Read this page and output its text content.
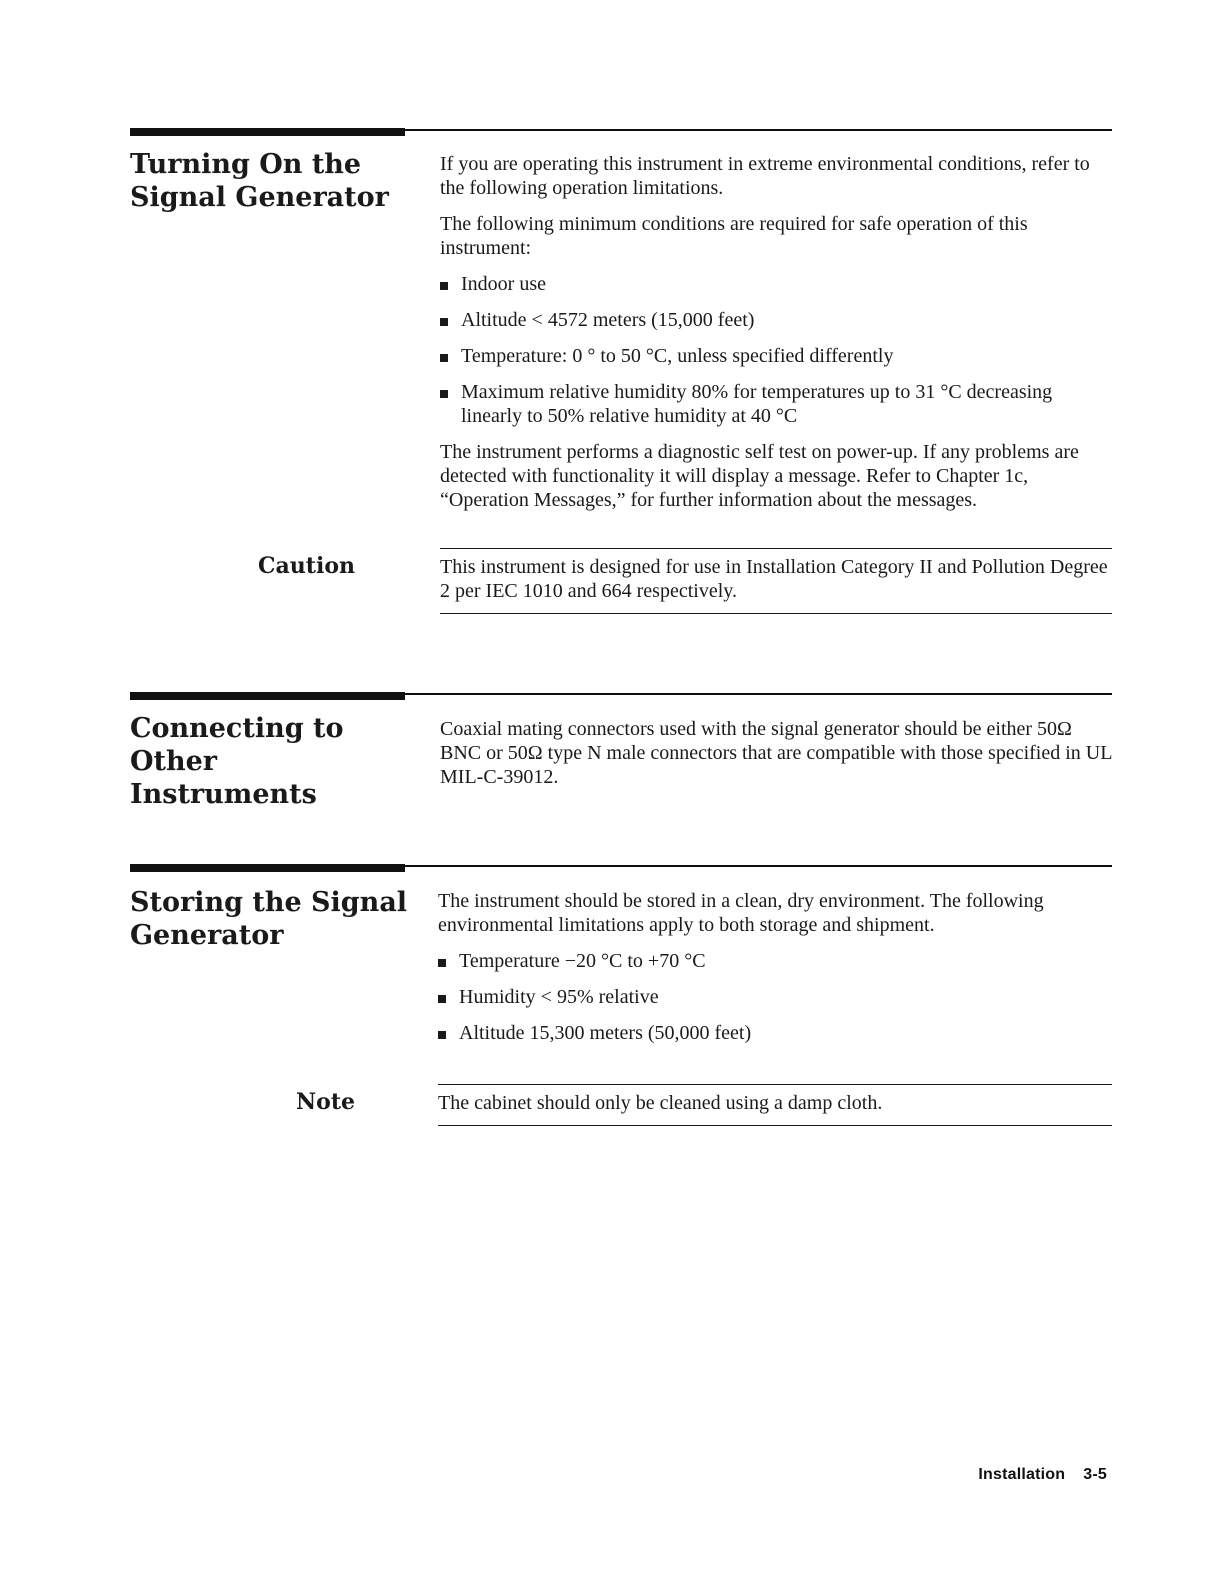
Turning On the
Signal Generator

If you are operating this instrument in extreme environmental conditions, refer to the following operation limitations.

The following minimum conditions are required for safe operation of this instrument:

Indoor use
Altitude < 4572 meters (15,000 feet)
Temperature: 0 ° to 50 °C, unless specified differently
Maximum relative humidity 80% for temperatures up to 31 °C decreasing linearly to 50% relative humidity at 40 °C

The instrument performs a diagnostic self test on power-up. If any problems are detected with functionality it will display a message. Refer to Chapter 1c, “Operation Messages,” for further information about the messages.

Caution	This instrument is designed for use in Installation Category II and Pollution Degree 2 per IEC 1010 and 664 respectively.
Connecting to
Other Instruments

Coaxial mating connectors used with the signal generator should be either 50Ω BNC or 50Ω type N male connectors that are compatible with those specified in UL MIL-C-39012.

Storing the Signal
Generator

The instrument should be stored in a clean, dry environment. The following environmental limitations apply to both storage and shipment.

Temperature −20 °C to +70 °C
Humidity < 95% relative
Altitude 15,300 meters (50,000 feet)
Note	The cabinet should only be cleaned using a damp cloth.
Installation 3-5
